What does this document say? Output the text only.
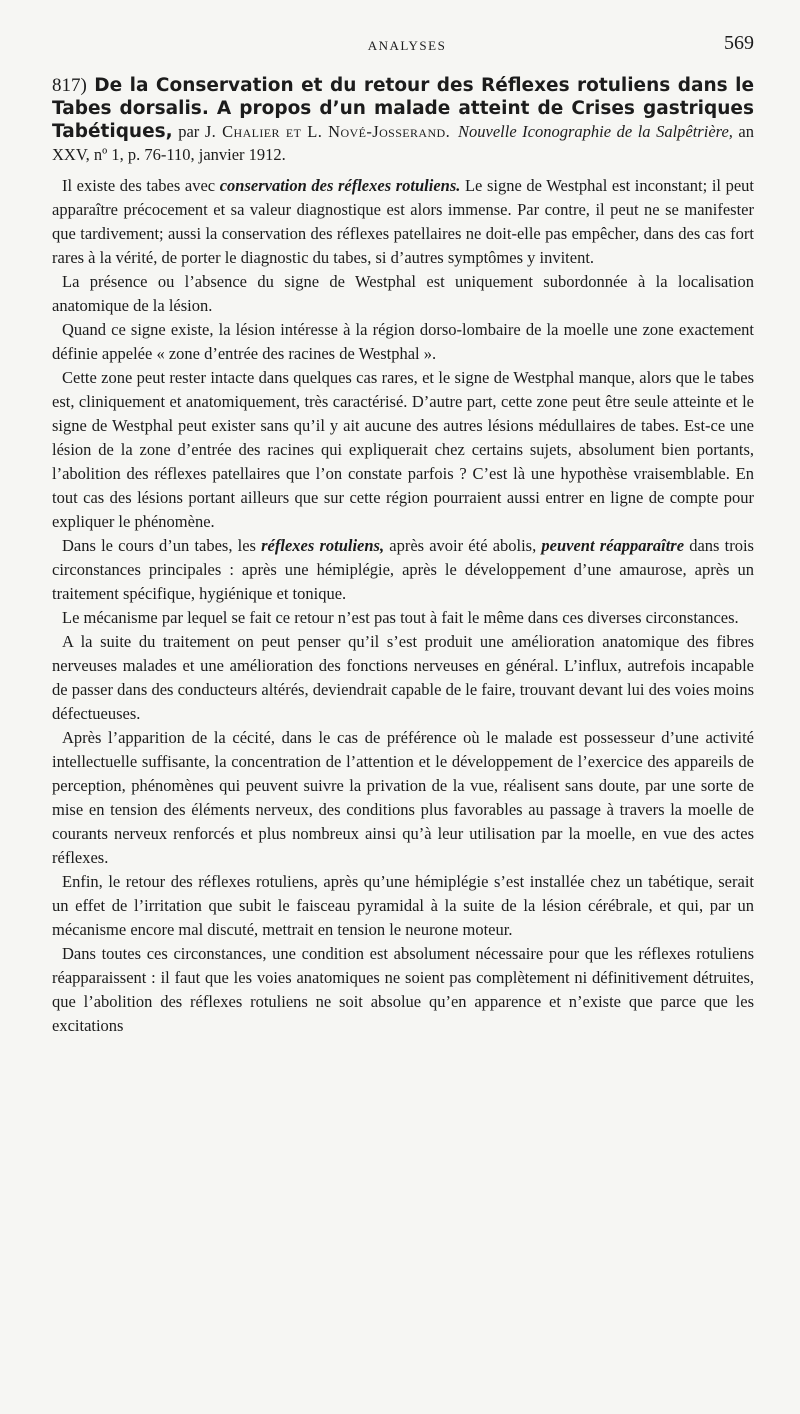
ANALYSES	569

817) De la Conservation et du retour des Réflexes rotuliens dans le Tabes dorsalis. A propos d’un malade atteint de Crises gastriques Tabétiques, par J. Chalier et L. Nové-Josserand. Nouvelle Iconographie de la Salpêtrière, an XXV, nº 1, p. 76-110, janvier 1912.

Il existe des tabes avec conservation des réflexes rotuliens. Le signe de Westphal est inconstant; il peut apparaître précocement et sa valeur diagnostique est alors immense. Par contre, il peut ne se manifester que tardivement; aussi la conservation des réflexes patellaires ne doit-elle pas empêcher, dans des cas fort rares à la vérité, de porter le diagnostic du tabes, si d’autres symptômes y invitent.

La présence ou l’absence du signe de Westphal est uniquement subordonnée à la localisation anatomique de la lésion.

Quand ce signe existe, la lésion intéresse à la région dorso-lombaire de la moelle une zone exactement définie appelée « zone d’entrée des racines de Westphal ».

Cette zone peut rester intacte dans quelques cas rares, et le signe de Westphal manque, alors que le tabes est, cliniquement et anatomiquement, très caractérisé. D’autre part, cette zone peut être seule atteinte et le signe de Westphal peut exister sans qu’il y ait aucune des autres lésions médullaires de tabes. Est-ce une lésion de la zone d’entrée des racines qui expliquerait chez certains sujets, absolument bien portants, l’abolition des réflexes patellaires que l’on constate parfois ? C’est là une hypothèse vraisemblable. En tout cas des lésions portant ailleurs que sur cette région pourraient aussi entrer en ligne de compte pour expliquer le phénomène.

Dans le cours d’un tabes, les réflexes rotuliens, après avoir été abolis, peuvent réapparaître dans trois circonstances principales : après une hémiplégie, après le développement d’une amaurose, après un traitement spécifique, hygiénique et tonique.

Le mécanisme par lequel se fait ce retour n’est pas tout à fait le même dans ces diverses circonstances.

A la suite du traitement on peut penser qu’il s’est produit une amélioration anatomique des fibres nerveuses malades et une amélioration des fonctions nerveuses en général. L’influx, autrefois incapable de passer dans des conducteurs altérés, deviendrait capable de le faire, trouvant devant lui des voies moins défectueuses.

Après l’apparition de la cécité, dans le cas de préférence où le malade est possesseur d’une activité intellectuelle suffisante, la concentration de l’attention et le développement de l’exercice des appareils de perception, phénomènes qui peuvent suivre la privation de la vue, réalisent sans doute, par une sorte de mise en tension des éléments nerveux, des conditions plus favorables au passage à travers la moelle de courants nerveux renforcés et plus nombreux ainsi qu’à leur utilisation par la moelle, en vue des actes réflexes.

Enfin, le retour des réflexes rotuliens, après qu’une hémiplégie s’est installée chez un tabétique, serait un effet de l’irritation que subit le faisceau pyramidal à la suite de la lésion cérébrale, et qui, par un mécanisme encore mal discuté, mettrait en tension le neurone moteur.

Dans toutes ces circonstances, une condition est absolument nécessaire pour que les réflexes rotuliens réapparaissent : il faut que les voies anatomiques ne soient pas complètement ni définitivement détruites, que l’abolition des réflexes rotuliens ne soit absolue qu’en apparence et n’existe que parce que les excitations
